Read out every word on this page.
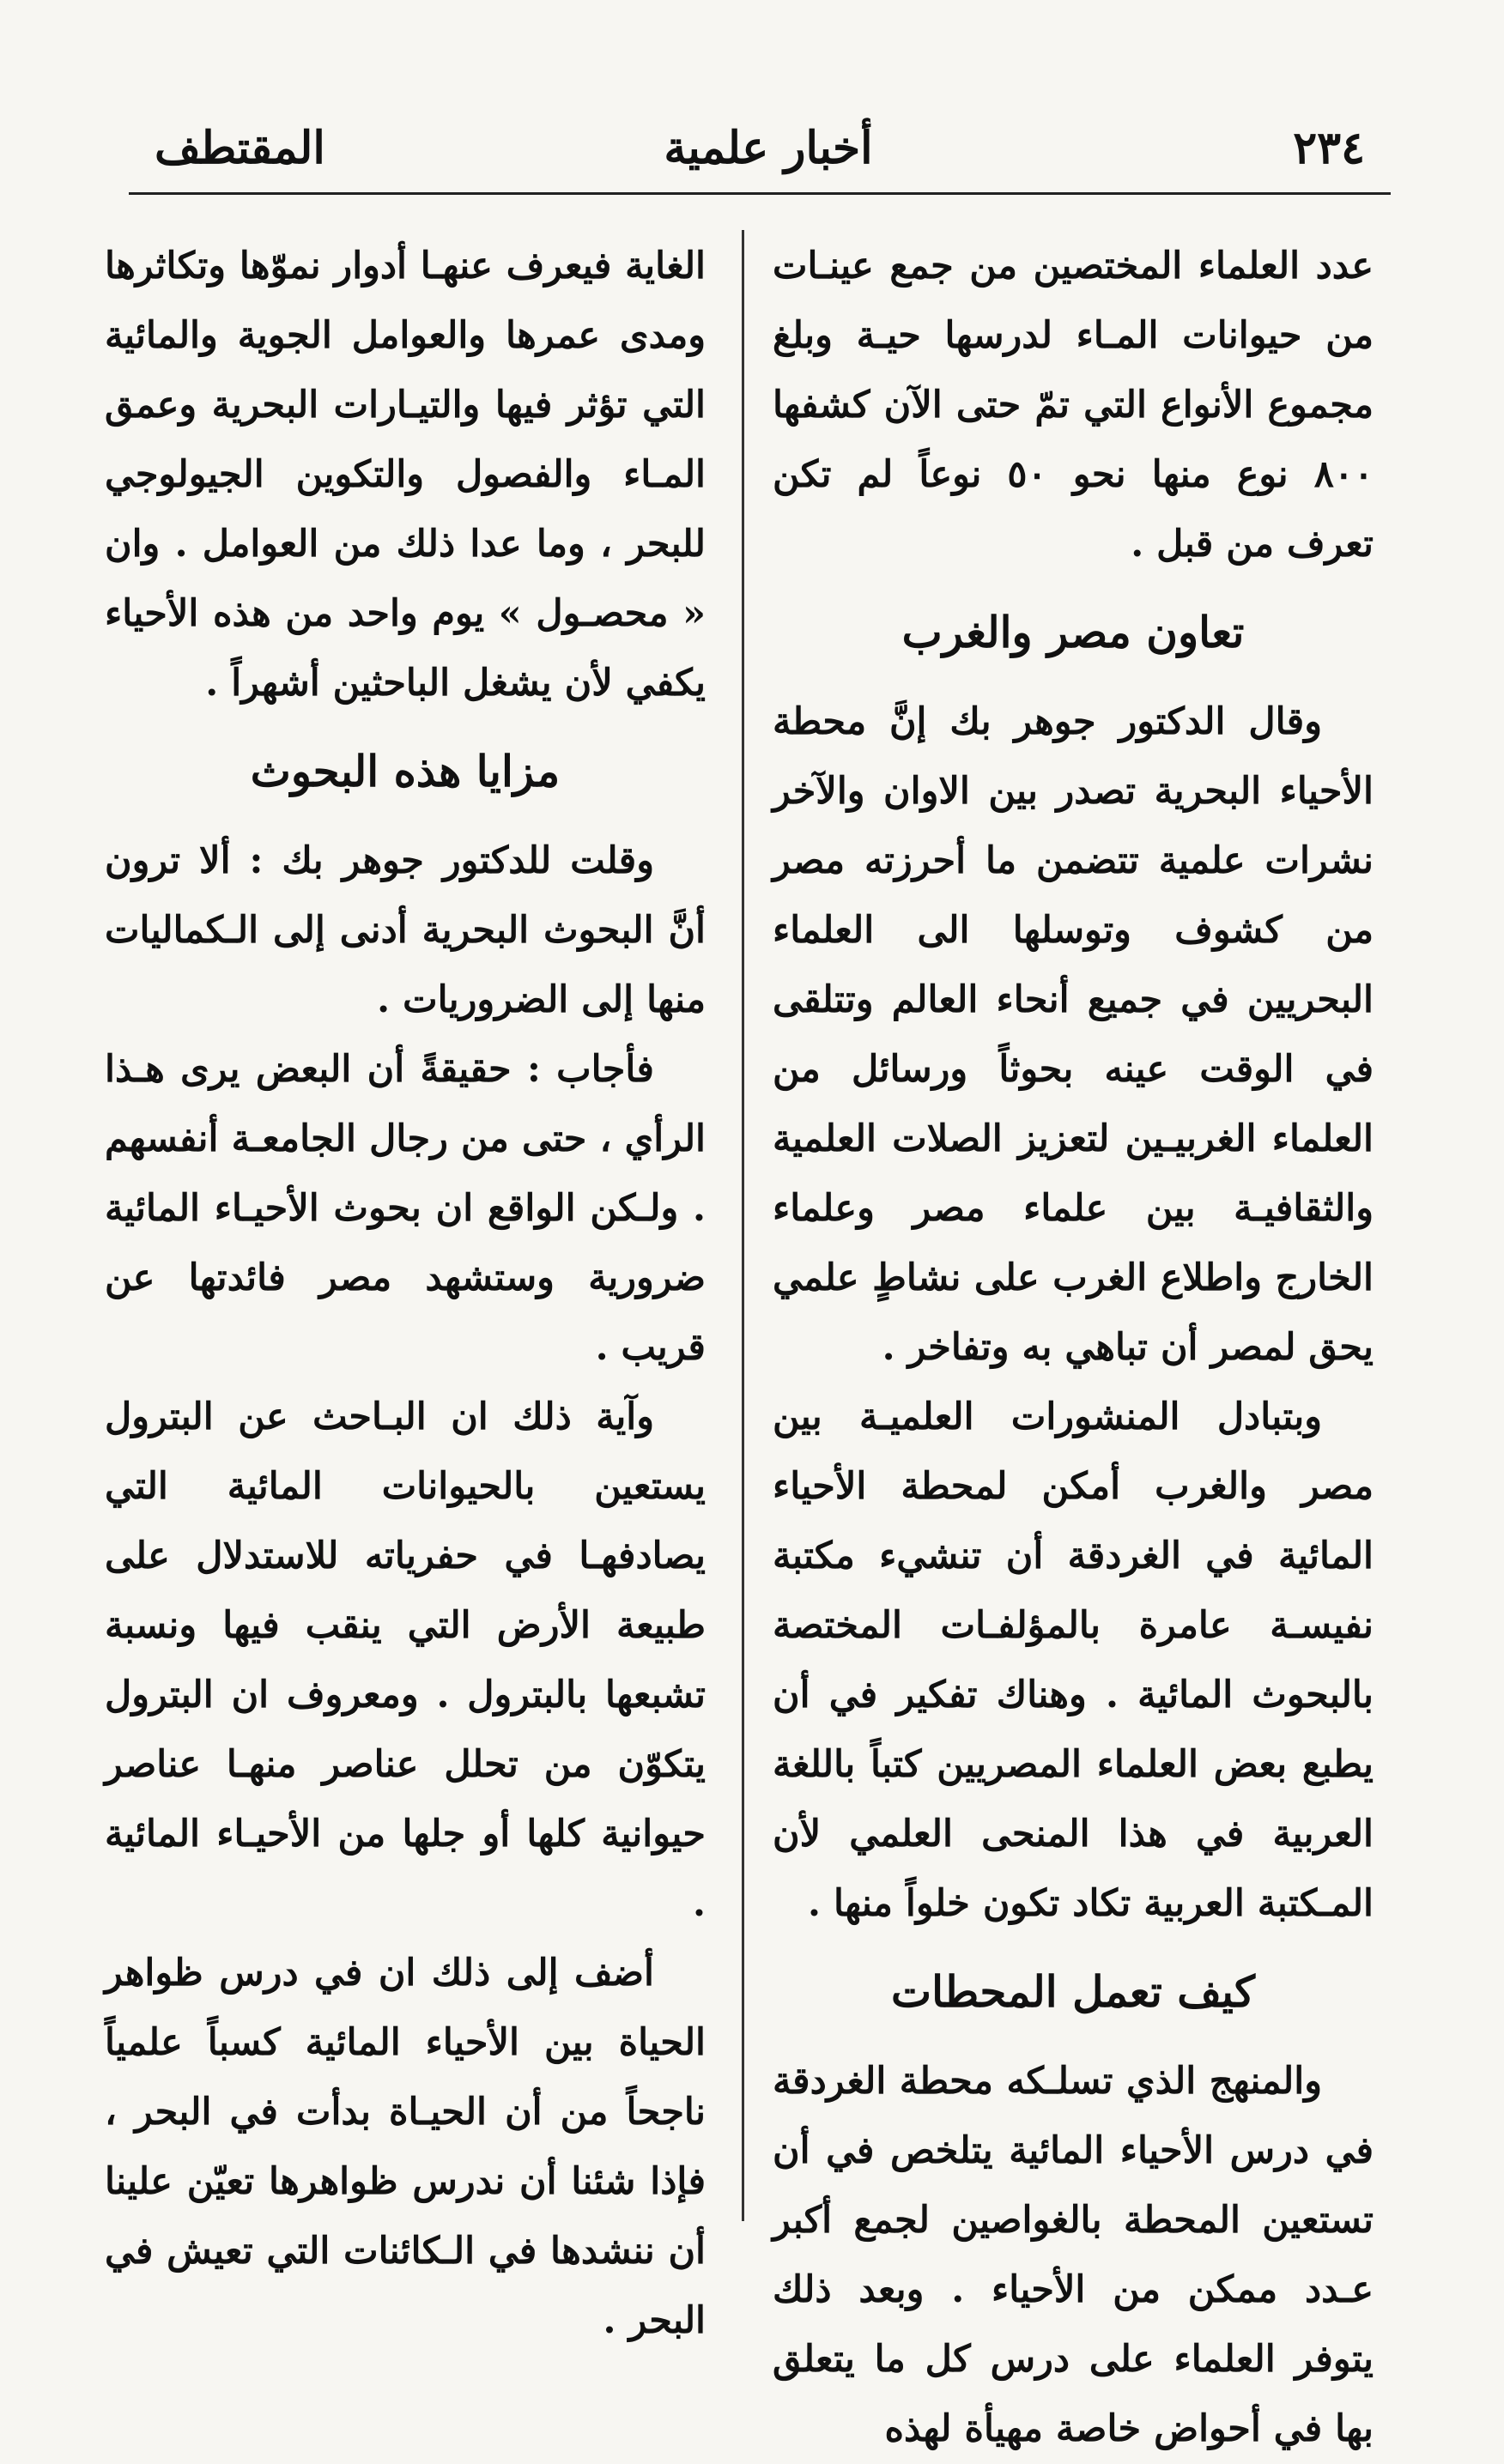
٢٣٤
أخبار علمية
المقتطف

عدد العلماء المختصين من جمع عينـات من حيوانات المـاء لدرسها حيـة وبلغ مجموع الأنواع التي تمّ حتى الآن كشفها ٨٠٠ نوع منها نحو ٥٠ نوعاً لم تكن تعرف من قبل .

تعاون مصر والغرب

وقال الدكتور جوهر بك إنَّ محطة الأحياء البحرية تصدر بين الاوان والآخر نشرات علمية تتضمن ما أحرزته مصر من كشوف وتوسلها الى العلماء البحريين في جميع أنحاء العالم وتتلقى في الوقت عينه بحوثاً ورسائل من العلماء الغربيـين لتعزيز الصلات العلمية والثقافيـة بين علماء مصر وعلماء الخارج واطلاع الغرب على نشاطٍ علمي يحق لمصر أن تباهي به وتفاخر .

وبتبادل المنشورات العلميـة بين مصر والغرب أمكن لمحطة الأحياء المائية في الغردقة أن تنشيء مكتبة نفيسـة عامرة بالمؤلفـات المختصة بالبحوث المائية . وهناك تفكير في أن يطبع بعض العلماء المصريين كتباً باللغة العربية في هذا المنحى العلمي لأن المـكتبة العربية تكاد تكون خلواً منها .

كيف تعمل المحطات

والمنهج الذي تسلـكه محطة الغردقة في درس الأحياء المائية يتلخص في أن تستعين المحطة بالغواصين لجمع أكبر عـدد ممكن من الأحياء . وبعد ذلك يتوفر العلماء على درس كل ما يتعلق بها في أحواض خاصة مهيأة لهذه

الغاية فيعرف عنهـا أدوار نموّها وتكاثرها ومدى عمرها والعوامل الجوية والمائية التي تؤثر فيها والتيـارات البحرية وعمق المـاء والفصول والتكوين الجيولوجي للبحر ، وما عدا ذلك من العوامل . وان « محصـول » يوم واحد من هذه الأحياء يكفي لأن يشغل الباحثين أشهراً .

مزايا هذه البحوث

وقلت للدكتور جوهر بك : ألا ترون أنَّ البحوث البحرية أدنى إلى الـكماليات منها إلى الضروريات .

فأجاب : حقيقةً أن البعض يرى هـذا الرأي ، حتى من رجال الجامعـة أنفسهم . ولـكن الواقع ان بحوث الأحيـاء المائية ضرورية وستشهد مصر فائدتها عن قريب .

وآية ذلك ان البـاحث عن البترول يستعين بالحيوانات المائية التي يصادفهـا في حفرياته للاستدلال على طبيعة الأرض التي ينقب فيها ونسبة تشبعها بالبترول . ومعروف ان البترول يتكوّن من تحلل عناصر منهـا عناصر حيوانية كلها أو جلها من الأحيـاء المائية .

أضف إلى ذلك ان في درس ظواهر الحياة بين الأحياء المائية كسباً علمياً ناجحاً من أن الحيـاة بدأت في البحر ، فإذا شئنا أن ندرس ظواهرها تعيّن علينا أن ننشدها في الـكائنات التي تعيش في البحر .
